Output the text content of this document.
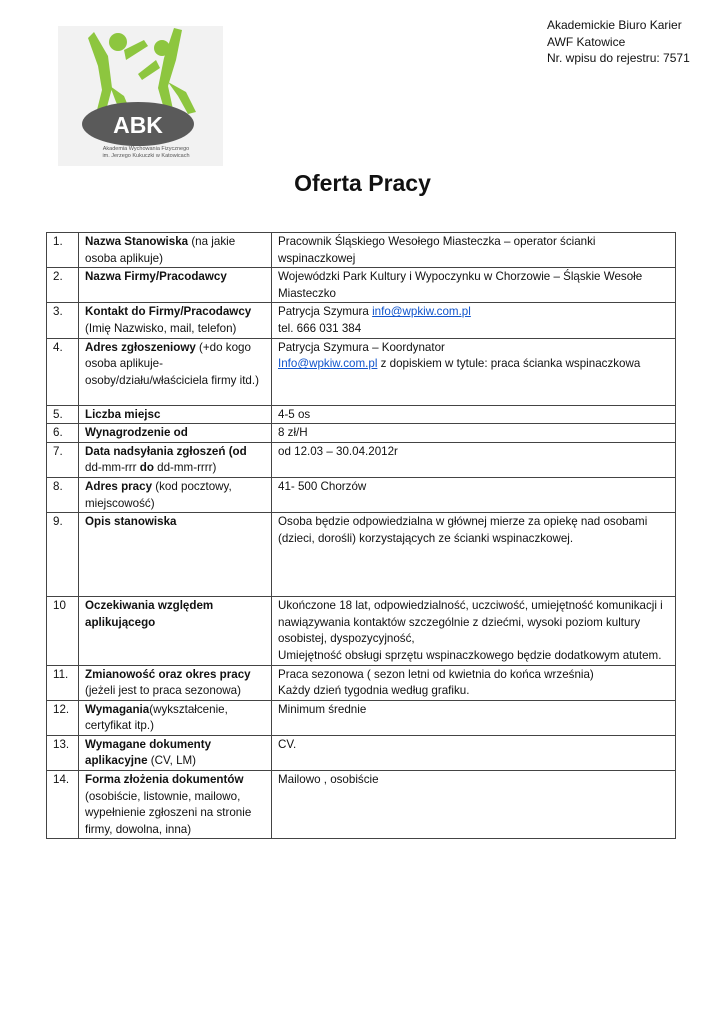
Akademickie Biuro Karier
AWF Katowice
Nr. wpisu do rejestru: 7571
ABK
Akademia Wychowania Fizycznego
im. Jerzego Kukuczki w Katowicach
Oferta Pracy
1.	Nazwa Stanowiska (na jakie osoba aplikuje)	Pracownik Śląskiego Wesołego Miasteczka – operator ścianki wspinaczkowej
2.	Nazwa Firmy/Pracodawcy	Wojewódzki Park Kultury i Wypoczynku w Chorzowie – Śląskie Wesołe Miasteczko
3.	Kontakt do Firmy/Pracodawcy (Imię Nazwisko, mail, telefon)	Patrycja Szymura info@wpkiw.com.pl
tel. 666 031 384
4.	Adres zgłoszeniowy (+do kogo osoba aplikuje- osoby/działu/właściciela firmy itd.)	Patrycja Szymura – Koordynator
Info@wpkiw.com.pl z dopiskiem w tytule: praca ścianka wspinaczkowa
5.	Liczba miejsc	4-5 os
6.	Wynagrodzenie od	8 zł/H
7.	Data nadsyłania zgłoszeń (od dd-mm-rrr do dd-mm-rrrr)	od 12.03 – 30.04.2012r
8.	Adres pracy (kod pocztowy, miejscowość)	41- 500 Chorzów
9.	Opis stanowiska	Osoba będzie odpowiedzialna w głównej mierze za opiekę nad osobami (dzieci, dorośli) korzystających ze ścianki wspinaczkowej.
10	Oczekiwania względem aplikującego	Ukończone 18 lat, odpowiedzialność, uczciwość, umiejętność komunikacji i nawiązywania kontaktów szczególnie z dziećmi, wysoki poziom kultury osobistej, dyspozycyjność,
Umiejętność obsługi sprzętu wspinaczkowego będzie dodatkowym atutem.

11.	Zmianowość oraz okres pracy (jeżeli jest to praca sezonowa)	Praca sezonowa ( sezon letni od kwietnia do końca września)
Każdy dzień tygodnia według grafiku.

12.	Wymagania(wykształcenie, certyfikat itp.)	Minimum średnie
13.	Wymagane dokumenty aplikacyjne (CV, LM)	CV.
14.	Forma złożenia dokumentów (osobiście, listownie, mailowo, wypełnienie zgłoszeni na stronie firmy, dowolna, inna)	Mailowo , osobiście
